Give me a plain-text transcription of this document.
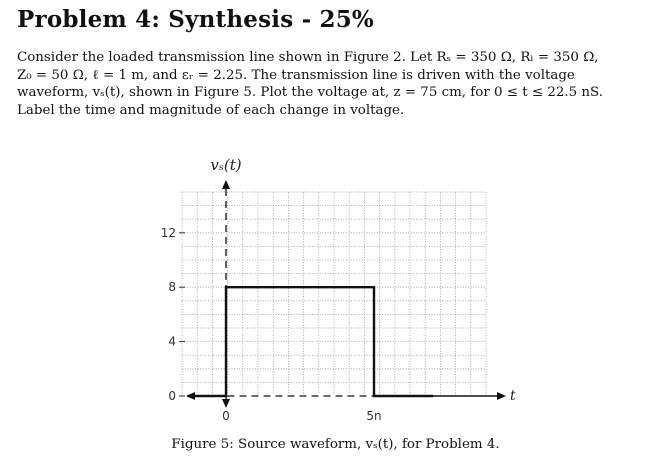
Problem 4: Synthesis - 25%
Consider the loaded transmission line shown in Figure 2. Let Rₛ = 350 Ω, Rₗ = 350 Ω,
Z₀ = 50 Ω, ℓ = 1 m, and εᵣ = 2.25. The transmission line is driven with the voltage
waveform, vₛ(t), shown in Figure 5. Plot the voltage at, z = 75 cm, for 0 ≤ t ≤ 22.5 nS.
Label the time and magnitude of each change in voltage.
0
4
8
12
0	5n
vₛ(t)
t
Figure 5: Source waveform, vₛ(t), for Problem 4.
